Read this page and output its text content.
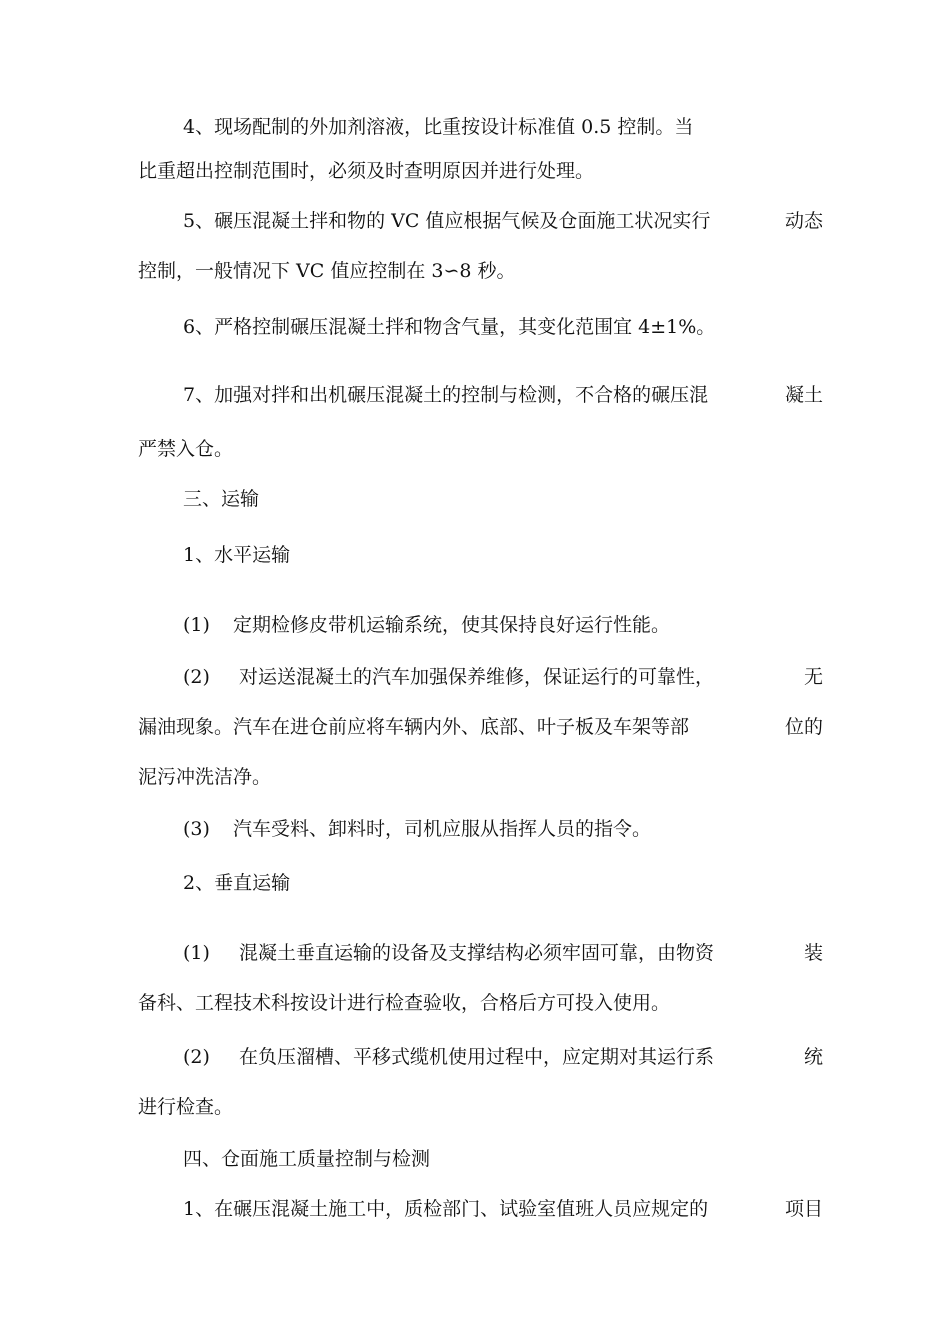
4、现场配制的外加剂溶液，比重按设计标准值 0.5 控制。当
比重超出控制范围时，必须及时查明原因并进行处理。
5、碾压混凝土拌和物的 VC 值应根据气候及仓面施工状况实行	动态
控制，一般情况下 VC 值应控制在 3∽8 秒。
6、严格控制碾压混凝土拌和物含气量，其变化范围宜 4±1%。
7、加强对拌和出机碾压混凝土的控制与检测，不合格的碾压混	凝土
严禁入仓。
三、运输
1、水平运输
(1) 定期检修皮带机运输系统，使其保持良好运行性能。
(2) 对运送混凝土的汽车加强保养维修，保证运行的可靠性，	无
漏油现象。汽车在进仓前应将车辆内外、底部、叶子板及车架等部	位的
泥污冲洗洁净。
(3) 汽车受料、卸料时，司机应服从指挥人员的指令。
2、垂直运输
(1) 混凝土垂直运输的设备及支撑结构必须牢固可靠，由物资	装
备科、工程技术科按设计进行检查验收，合格后方可投入使用。
(2) 在负压溜槽、平移式缆机使用过程中，应定期对其运行系	统
进行检查。
四、仓面施工质量控制与检测
1、在碾压混凝土施工中，质检部门、试验室值班人员应规定的	项目
